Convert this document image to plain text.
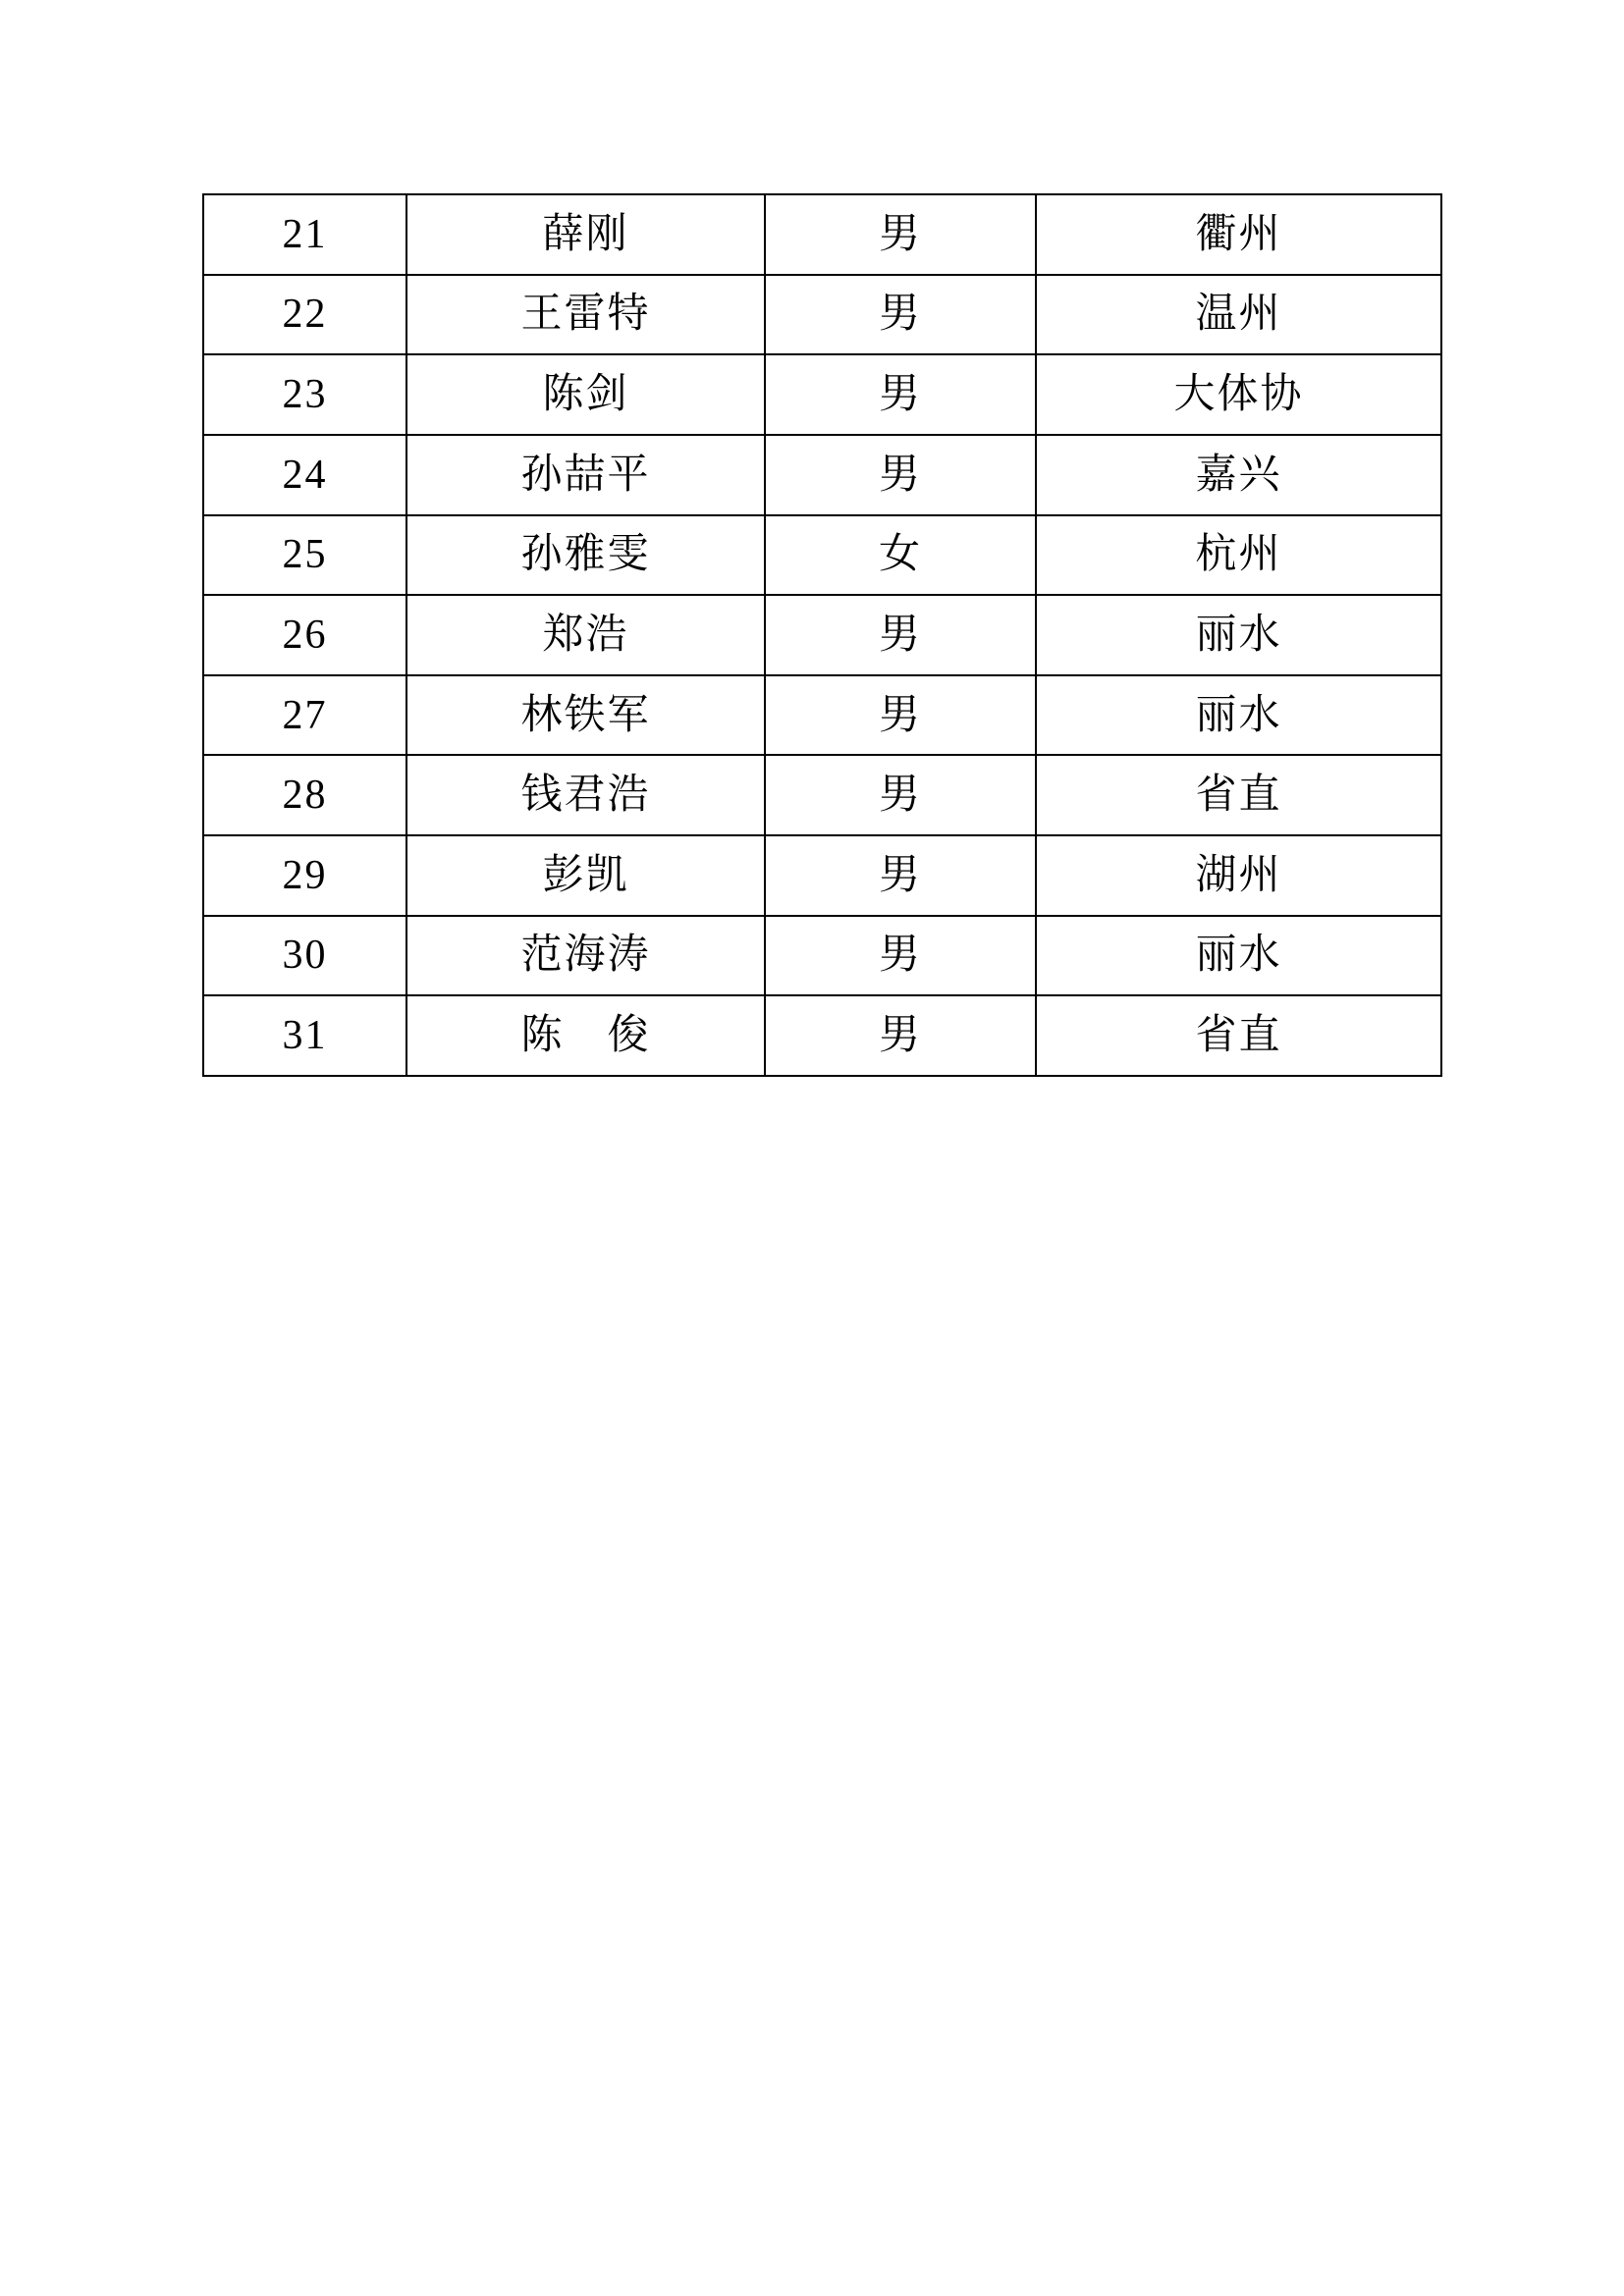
21	薛刚	男	衢州
22	王雷特	男	温州
23	陈剑	男	大体协
24	孙喆平	男	嘉兴
25	孙雅雯	女	杭州
26	郑浩	男	丽水
27	林铁军	男	丽水
28	钱君浩	男	省直
29	彭凯	男	湖州
30	范海涛	男	丽水
31	陈　俊	男	省直
